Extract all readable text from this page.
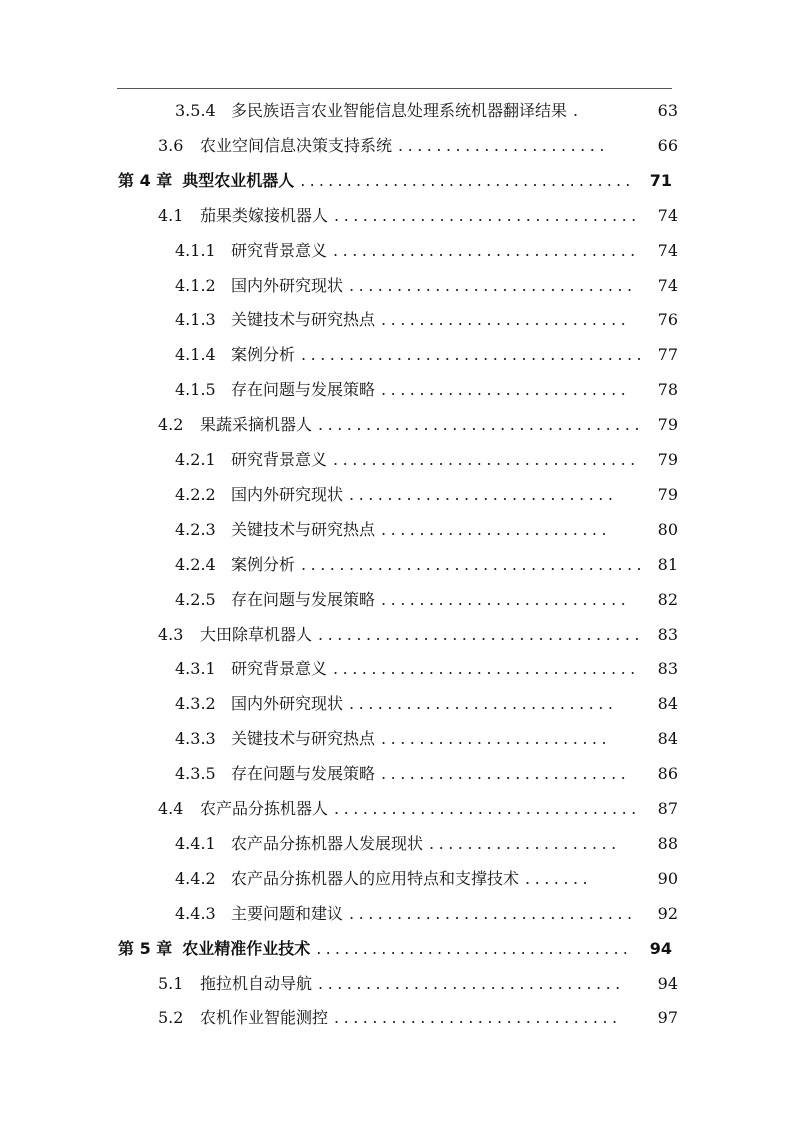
3.5.4 多民族语言农业智能信息处理系统机器翻译结果 .	63
3.6 农业空间信息决策支持系统 ......................	66
第 4 章 典型农业机器人 .................................... 71
4.1 茄果类嫁接机器人 ................................	74
4.1.1 研究背景意义 ................................	74
4.1.2 国内外研究现状 ..............................	74
4.1.3 关键技术与研究热点 ..........................	76
4.1.4 案例分析 .................................... 77
4.1.5 存在问题与发展策略 ..........................	78
4.2 果蔬采摘机器人 .................................. 79
4.2.1 研究背景意义 ................................	79
4.2.2 国内外研究现状 ............................	79
4.2.3 关键技术与研究热点 ........................	80
4.2.4 案例分析 .................................... 81
4.2.5 存在问题与发展策略 ..........................	82
4.3 大田除草机器人 .................................. 83
4.3.1 研究背景意义 ................................	83
4.3.2 国内外研究现状 ............................	84
4.3.3 关键技术与研究热点 ........................	84
4.3.5 存在问题与发展策略 ..........................	86
4.4 农产品分拣机器人 ................................	87
4.4.1 农产品分拣机器人发展现状 ....................	88
4.4.2 农产品分拣机器人的应用特点和支撑技术 .......	90
4.4.3 主要问题和建议 ..............................	92
第 5 章 农业精准作业技术 ..................................	94
5.1 拖拉机自动导航 ................................	94
5.2 农机作业智能测控 ..............................	97
